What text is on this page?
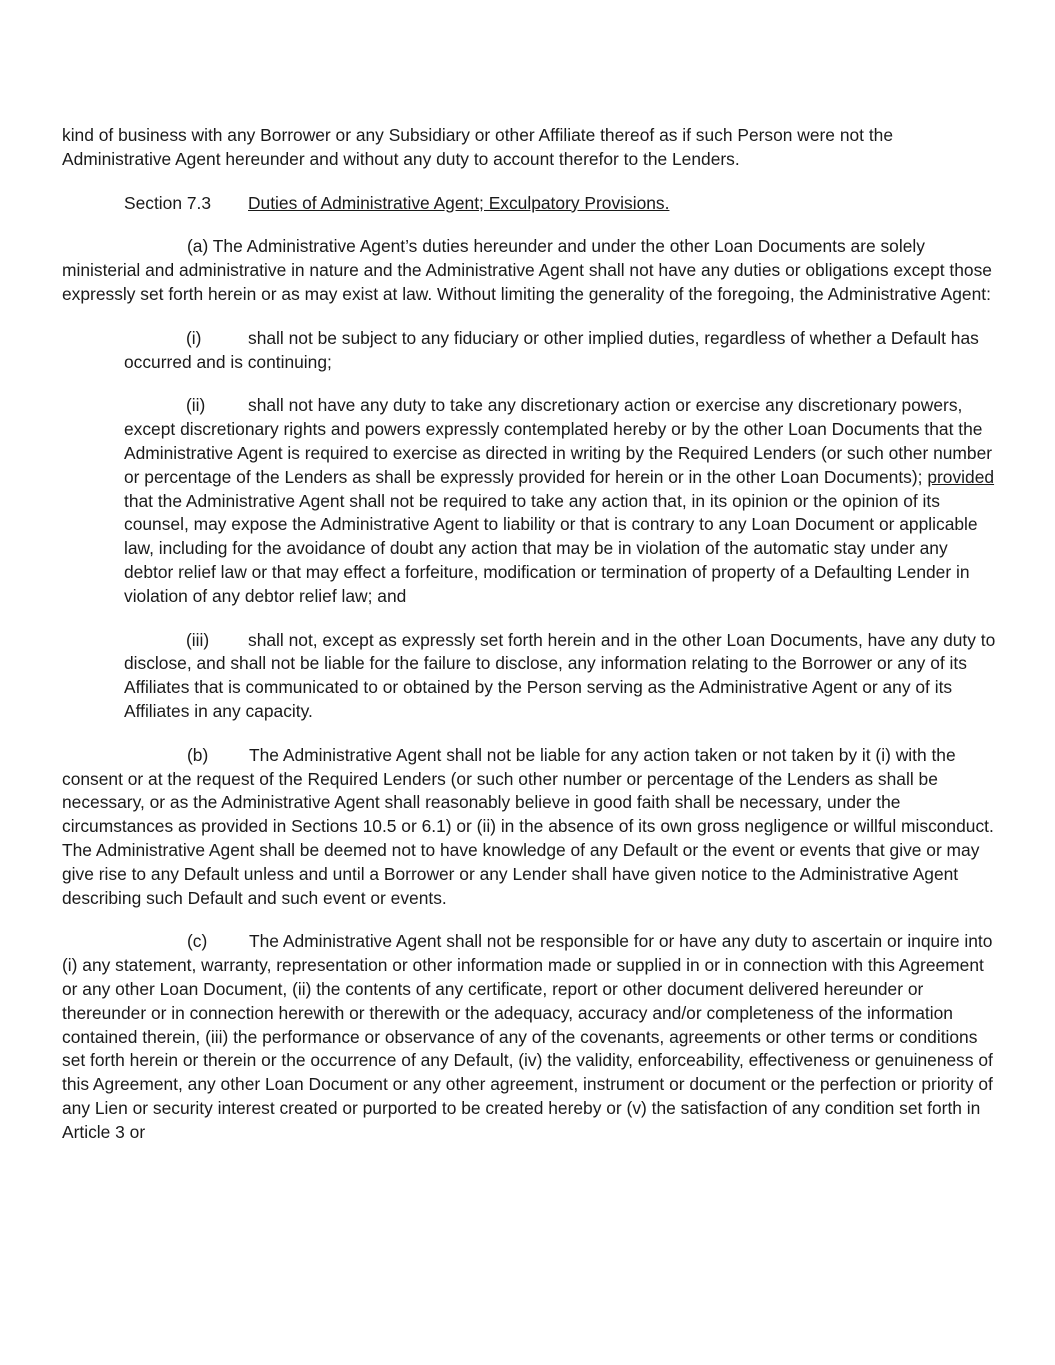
kind of business with any Borrower or any Subsidiary or other Affiliate thereof as if such Person were not the Administrative Agent hereunder and without any duty to account therefor to the Lenders.

Section 7.3 Duties of Administrative Agent; Exculpatory Provisions.

(a) The Administrative Agent’s duties hereunder and under the other Loan Documents are solely ministerial and administrative in nature and the Administrative Agent shall not have any duties or obligations except those expressly set forth herein or as may exist at law. Without limiting the generality of the foregoing, the Administrative Agent:

(i)	shall not be subject to any fiduciary or other implied duties, regardless of whether a Default has occurred and is continuing;

(ii) shall not have any duty to take any discretionary action or exercise any discretionary powers, except discretionary rights and powers expressly contemplated hereby or by the other Loan Documents that the Administrative Agent is required to exercise as directed in writing by the Required Lenders (or such other number or percentage of the Lenders as shall be expressly provided for herein or in the other Loan Documents); provided that the Administrative Agent shall not be required to take any action that, in its opinion or the opinion of its counsel, may expose the Administrative Agent to liability or that is contrary to any Loan Document or applicable law, including for the avoidance of doubt any action that may be in violation of the automatic stay under any debtor relief law or that may effect a forfeiture, modification or termination of property of a Defaulting Lender in violation of any debtor relief law; and

(iii) shall not, except as expressly set forth herein and in the other Loan Documents, have any duty to disclose, and shall not be liable for the failure to disclose, any information relating to the Borrower or any of its Affiliates that is communicated to or obtained by the Person serving as the Administrative Agent or any of its Affiliates in any capacity.

(b) The Administrative Agent shall not be liable for any action taken or not taken by it (i) with the consent or at the request of the Required Lenders (or such other number or percentage of the Lenders as shall be necessary, or as the Administrative Agent shall reasonably believe in good faith shall be necessary, under the circumstances as provided in Sections 10.5 or 6.1) or (ii) in the absence of its own gross negligence or willful misconduct. The Administrative Agent shall be deemed not to have knowledge of any Default or the event or events that give or may give rise to any Default unless and until a Borrower or any Lender shall have given notice to the Administrative Agent describing such Default and such event or events.

(c) The Administrative Agent shall not be responsible for or have any duty to ascertain or inquire into (i) any statement, warranty, representation or other information made or supplied in or in connection with this Agreement or any other Loan Document, (ii) the contents of any certificate, report or other document delivered hereunder or thereunder or in connection herewith or therewith or the adequacy, accuracy and/or completeness of the information contained therein, (iii) the performance or observance of any of the covenants, agreements or other terms or conditions set forth herein or therein or the occurrence of any Default, (iv) the validity, enforceability, effectiveness or genuineness of this Agreement, any other Loan Document or any other agreement, instrument or document or the perfection or priority of any Lien or security interest created or purported to be created hereby or (v) the satisfaction of any condition set forth in Article 3 or
